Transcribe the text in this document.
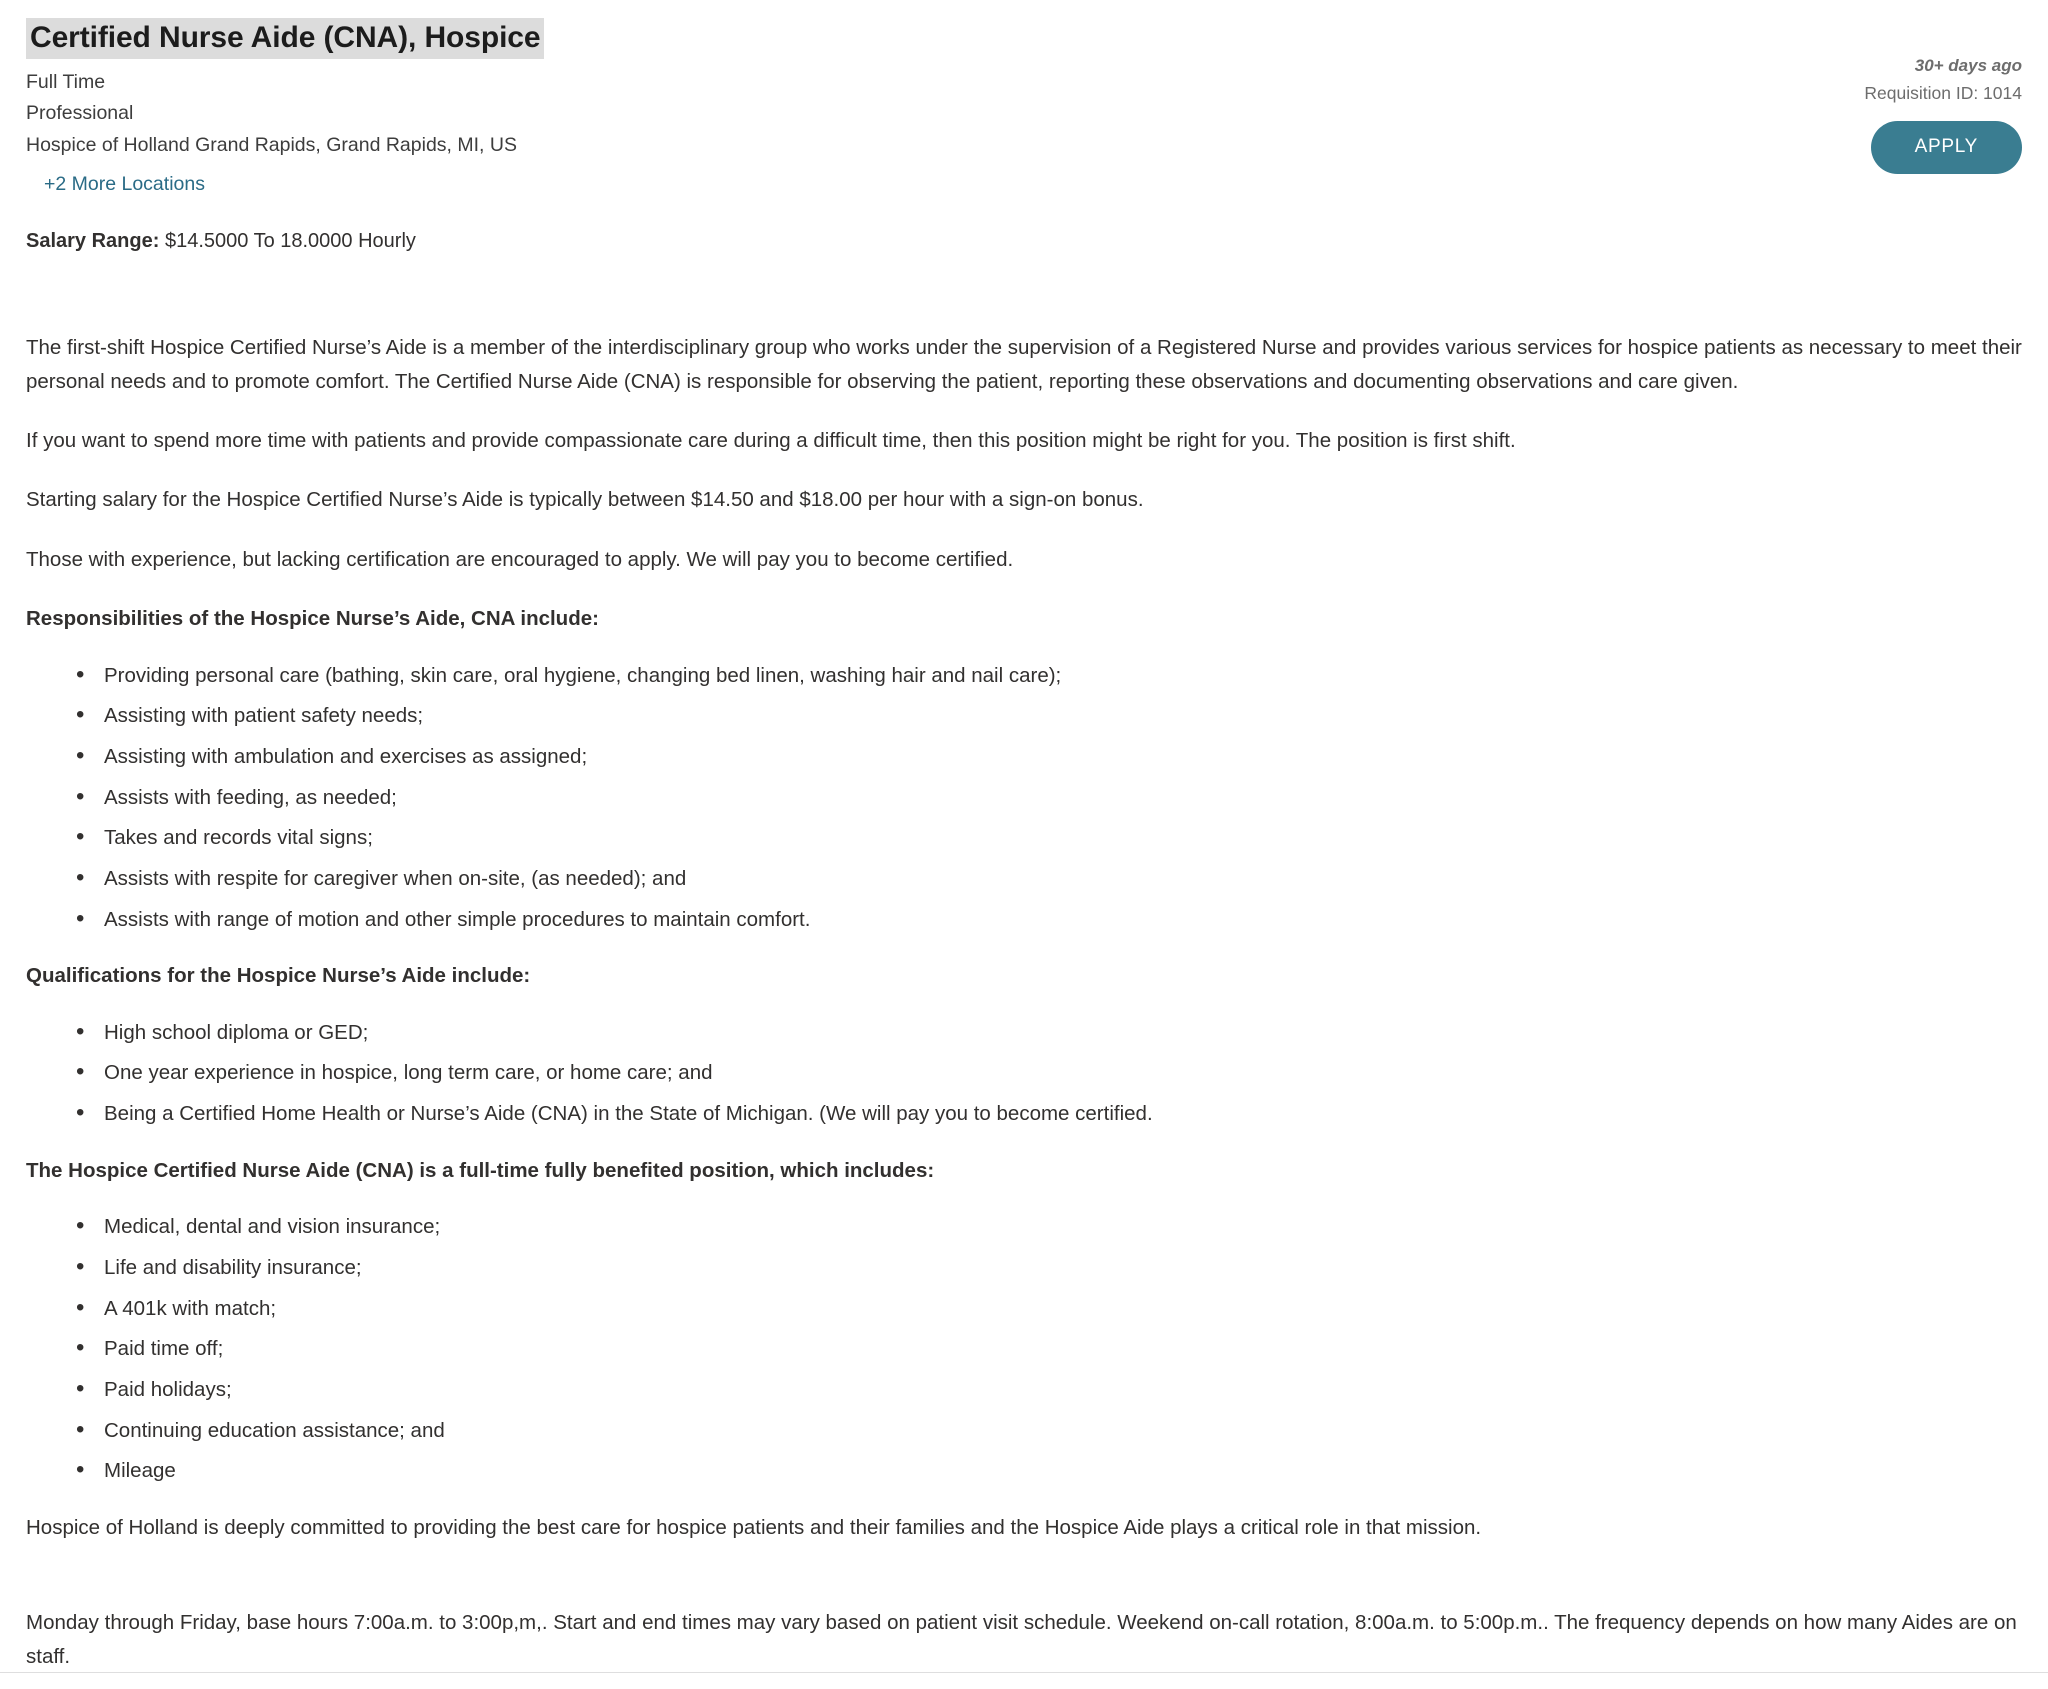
Certified Nurse Aide (CNA), Hospice
Full Time
Professional
Hospice of Holland Grand Rapids, Grand Rapids, MI, US
+2 More Locations
30+ days ago
Requisition ID: 1014
APPLY
Salary Range: $14.5000 To 18.0000 Hourly

The first-shift Hospice Certified Nurse’s Aide is a member of the interdisciplinary group who works under the supervision of a Registered Nurse and provides various services for hospice patients as necessary to meet their personal needs and to promote comfort. The Certified Nurse Aide (CNA) is responsible for observing the patient, reporting these observations and documenting observations and care given.

If you want to spend more time with patients and provide compassionate care during a difficult time, then this position might be right for you. The position is first shift.

Starting salary for the Hospice Certified Nurse’s Aide is typically between $14.50 and $18.00 per hour with a sign-on bonus.

Those with experience, but lacking certification are encouraged to apply. We will pay you to become certified.

Responsibilities of the Hospice Nurse’s Aide, CNA include:

• Providing personal care (bathing, skin care, oral hygiene, changing bed linen, washing hair and nail care);
• Assisting with patient safety needs;
• Assisting with ambulation and exercises as assigned;
• Assists with feeding, as needed;
• Takes and records vital signs;
• Assists with respite for caregiver when on-site, (as needed); and
• Assists with range of motion and other simple procedures to maintain comfort.

Qualifications for the Hospice Nurse’s Aide include:

• High school diploma or GED;
• One year experience in hospice, long term care, or home care; and
• Being a Certified Home Health or Nurse’s Aide (CNA) in the State of Michigan. (We will pay you to become certified.

The Hospice Certified Nurse Aide (CNA) is a full-time fully benefited position, which includes:

• Medical, dental and vision insurance;
• Life and disability insurance;
• A 401k with match;
• Paid time off;
• Paid holidays;
• Continuing education assistance; and
• Mileage

Hospice of Holland is deeply committed to providing the best care for hospice patients and their families and the Hospice Aide plays a critical role in that mission.

Monday through Friday, base hours 7:00a.m. to 3:00p,m,. Start and end times may vary based on patient visit schedule. Weekend on-call rotation, 8:00a.m. to 5:00p.m.. The frequency depends on how many Aides are on staff.
